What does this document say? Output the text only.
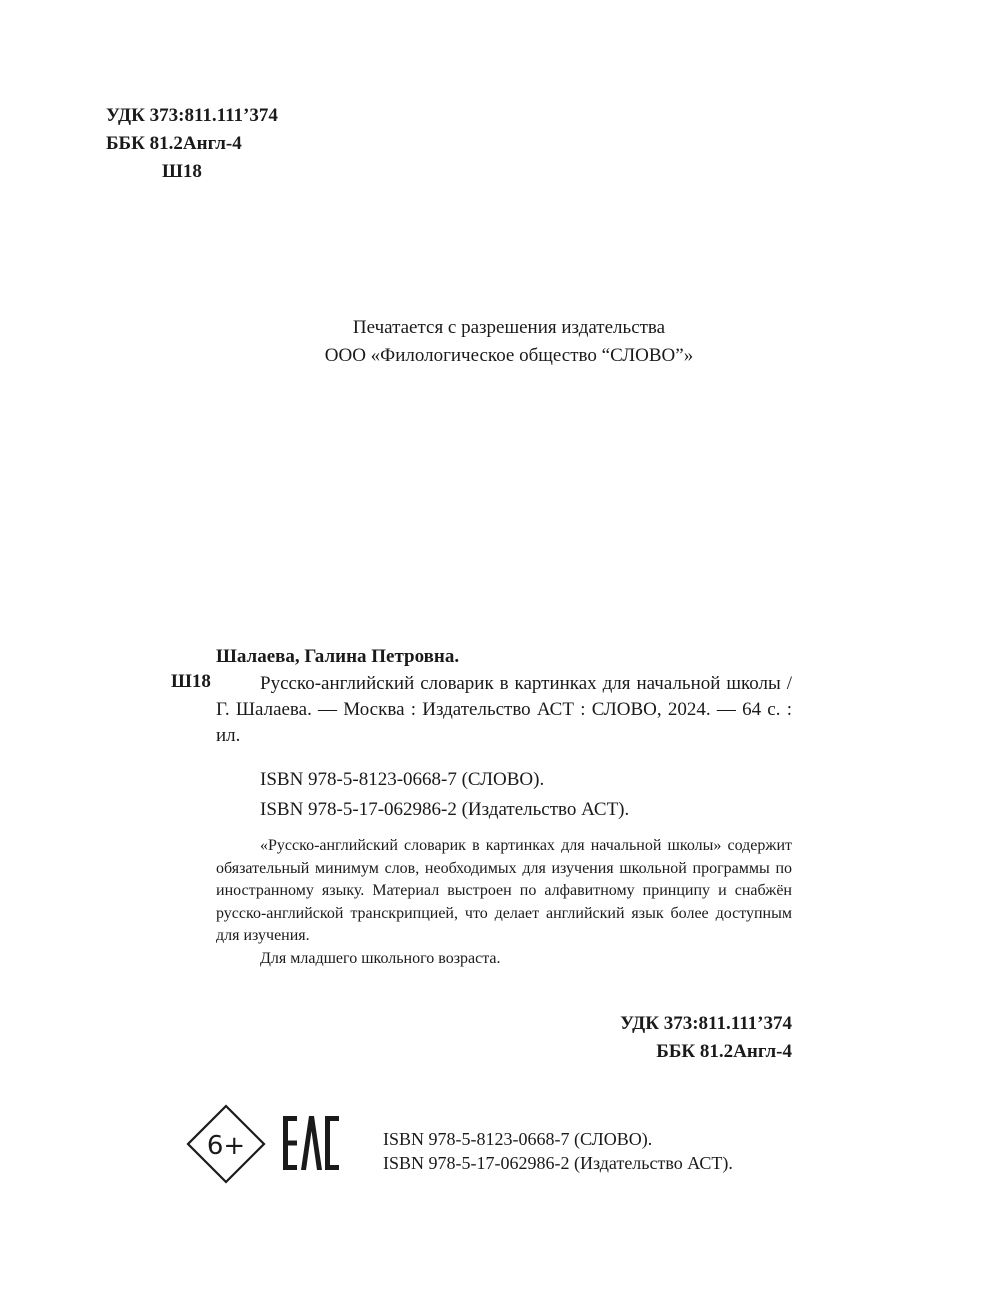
УДК 373:811.111’374
ББК 81.2Англ-4
Ш18
Печатается с разрешения издательства
ООО «Филологическое общество “СЛОВО”»
Шалаева, Галина Петровна.
Ш18	Русско-английский словарик в картинках для начальной школы / Г. Шалаева. — Москва : Издательство АСТ : СЛОВО, 2024. — 64 с. : ил.

ISBN 978-5-8123-0668-7 (СЛОВО).
ISBN 978-5-17-062986-2 (Издательство АСТ).

«Русско-английский словарик в картинках для начальной школы» содержит обязательный минимум слов, необходимых для изучения школьной программы по иностранному языку. Материал выстроен по алфавитному принципу и снабжён русско-английской транскрипцией, что делает английский язык более доступным для изучения.

Для младшего школьного возраста.

УДК 373:811.111’374
ББК 81.2Англ-4
6+	ISBN 978-5-8123-0668-7 (СЛОВО).
ISBN 978-5-17-062986-2 (Издательство АСТ).
